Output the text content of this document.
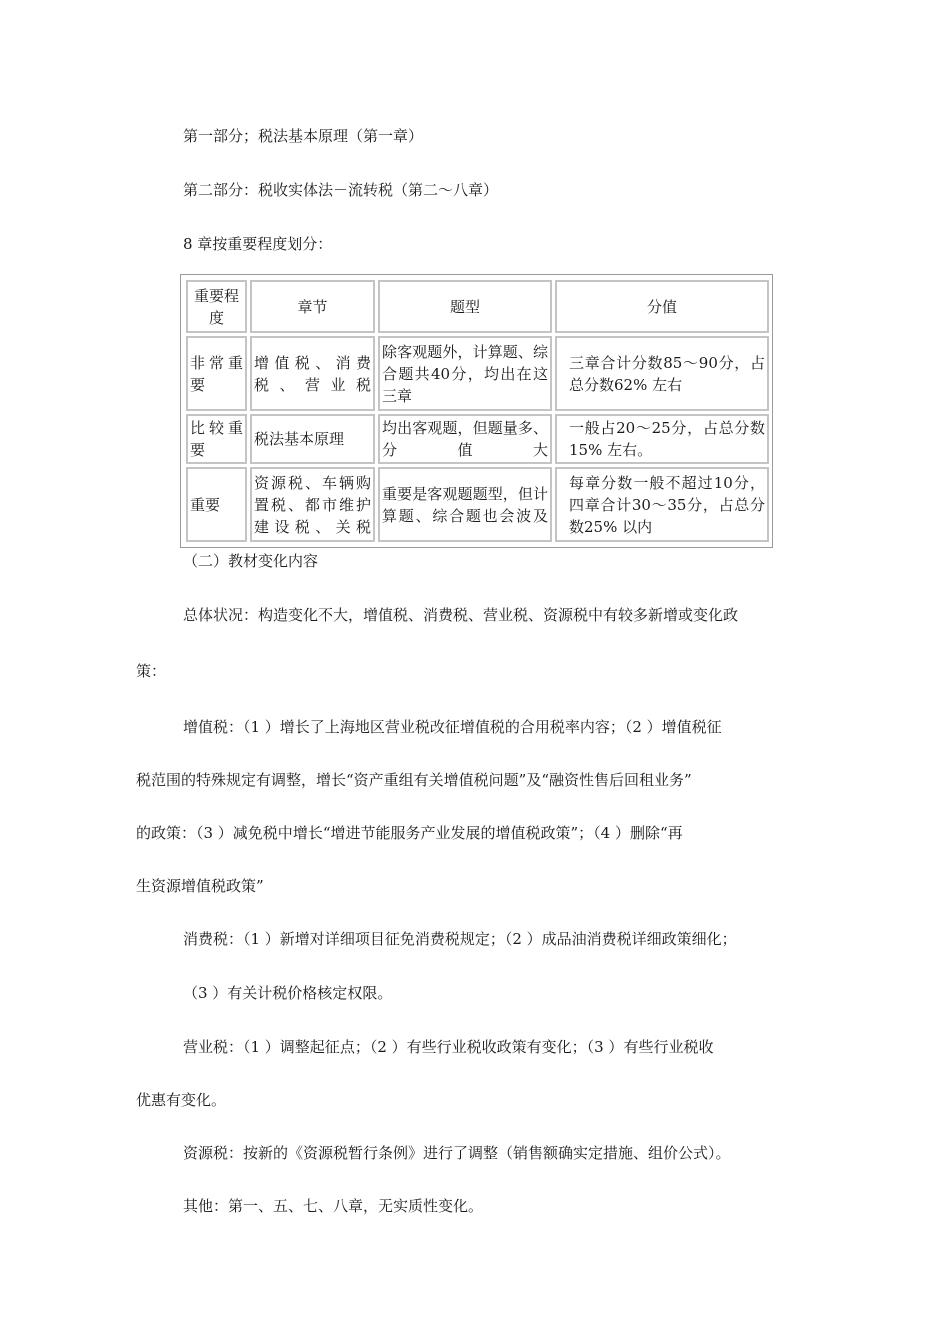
第一部分；税法基本原理（第一章）

第二部分：税收实体法－流转税（第二～八章）

8 章按重要程度划分：

重要程度	章节	题型	分值
非常重要	增值税、消费税、营业税	除客观题外，计算题、综合题共40分，均出在这三章	三章合计分数85～90分，占总分数62% 左右
比较重要	税法基本原理	均出客观题，但题量多、分值大	一般占20～25分，占总分数15% 左右。
重要	资源税、车辆购置税、都市维护建设税、关税	重要是客观题题型，但计算题、综合题也会波及	每章分数一般不超过10分，四章合计30～35分，占总分数25% 以内

（二）教材变化内容

总体状况：构造变化不大，增值税、消费税、营业税、资源税中有较多新增或变化政

策：

增值税：（1 ）增长了上海地区营业税改征增值税的合用税率内容；（2 ）增值税征

税范围的特殊规定有调整，增长“资产重组有关增值税问题”及“融资性售后回租业务”

的政策：（3 ）减免税中增长“增进节能服务产业发展的增值税政策”；（4 ）删除“再

生资源增值税政策”

消费税：（1 ）新增对详细项目征免消费税规定；（2 ）成品油消费税详细政策细化；

（3 ）有关计税价格核定权限。

营业税：（1 ）调整起征点；（2 ）有些行业税收政策有变化；（3 ）有些行业税收

优惠有变化。

资源税：按新的《资源税暂行条例》进行了调整（销售额确实定措施、组价公式）。

其他：第一、五、七、八章，无实质性变化。
